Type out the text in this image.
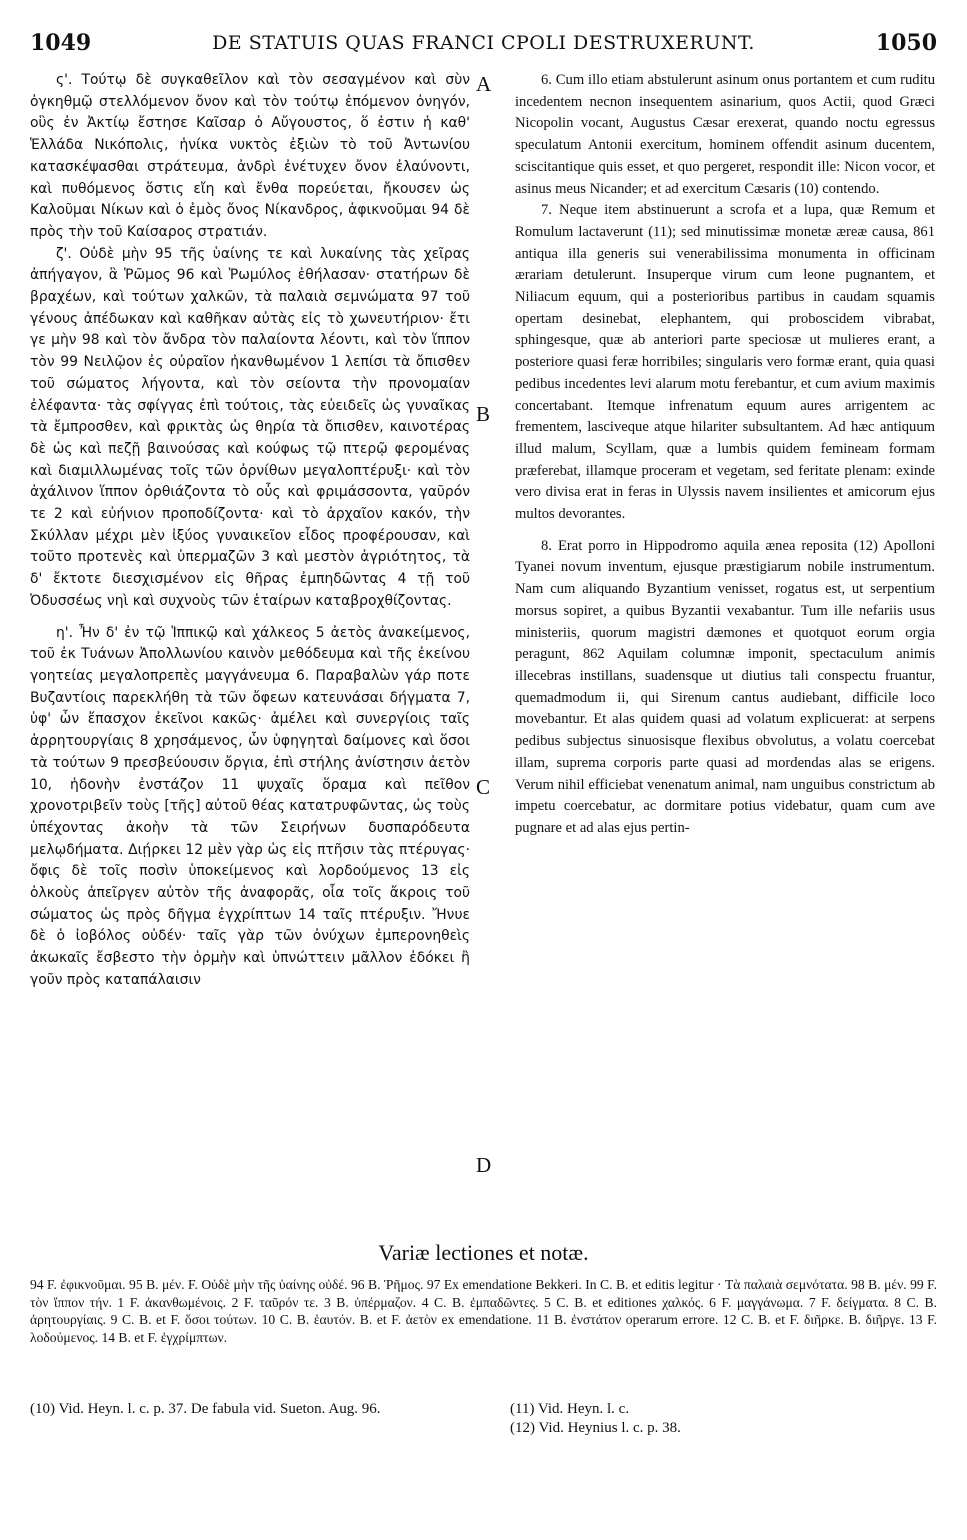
1049	DE STATUIS QUAS FRANCI CPOLI DESTRUXERUNT.	1050

ς'. Τούτῳ δὲ συγκαθεῖλον καὶ τὸν σεσαγμένον καὶ σὺν ὀγκηθμῷ στελλόμενον ὄνον καὶ τὸν τούτῳ ἑπόμενον ὀνηγόν, οὓς ἐν Ἀκτίῳ ἔστησε Καῖσαρ ὁ Αὔγουστος, ὅ ἐστιν ἡ καθ' Ἑλλάδα Νικόπολις, ἡνίκα νυκτὸς ἐξιὼν τὸ τοῦ Ἀντωνίου κατασκέψασθαι στράτευμα, ἀνδρὶ ἐνέτυχεν ὄνον ἐλαύνοντι, καὶ πυθόμενος ὅστις εἴη καὶ ἔνθα πορεύεται, ἤκουσεν ὡς Καλοῦμαι Νίκων καὶ ὁ ἐμὸς ὄνος Νίκανδρος, ἀφικνοῦμαι 94 δὲ πρὸς τὴν τοῦ Καίσαρος στρατιάν.

ζ'. Οὐδὲ μὴν 95 τῆς ὑαίνης τε καὶ λυκαίνης τὰς χεῖρας ἀπήγαγον, ἃ Ῥῶμος 96 καὶ Ῥωμύλος ἐθήλασαν· στατήρων δὲ βραχέων, καὶ τούτων χαλκῶν, τὰ παλαιὰ σεμνώματα 97 τοῦ γένους ἀπέδωκαν καὶ καθῆκαν αὐτὰς εἰς τὸ χωνευτήριον· ἔτι γε μὴν 98 καὶ τὸν ἄνδρα τὸν παλαίοντα λέοντι, καὶ τὸν ἵππον τὸν 99 Νειλῷον ἐς οὐραῖον ἠκανθωμένον 1 λεπίσι τὰ ὄπισθεν τοῦ σώματος λήγοντα, καὶ τὸν σείοντα τὴν προνομαίαν ἐλέφαντα· τὰς σφίγγας ἐπὶ τούτοις, τὰς εὐειδεῖς ὡς γυναῖκας τὰ ἔμπροσθεν, καὶ φρικτὰς ὡς θηρία τὰ ὄπισθεν, καινοτέρας δὲ ὡς καὶ πεζῇ βαινούσας καὶ κούφως τῷ πτερῷ φερομένας καὶ διαμιλλωμένας τοῖς τῶν ὀρνίθων μεγαλοπτέρυξι· καὶ τὸν ἀχάλινον ἵππον ὀρθιάζοντα τὸ οὖς καὶ φριμάσσοντα, γαῦρόν τε 2 καὶ εὐήνιον προποδίζοντα· καὶ τὸ ἀρχαῖον κακόν, τὴν Σκύλλαν μέχρι μὲν ἰξύος γυναικεῖον εἶδος προφέρουσαν, καὶ τοῦτο προτενὲς καὶ ὑπερμαζῶν 3 καὶ μεστὸν ἀγριότητος, τὰ δ' ἔκτοτε διεσχισμένον εἰς θῆρας ἐμπηδῶντας 4 τῇ τοῦ Ὀδυσσέως νηὶ καὶ συχνοὺς τῶν ἑταίρων καταβροχθίζοντας.

η'. Ἦν δ' ἐν τῷ Ἱππικῷ καὶ χάλκεος 5 ἀετὸς ἀνακείμενος, τοῦ ἐκ Τυάνων Ἀπολλωνίου καινὸν μεθόδευμα καὶ τῆς ἐκείνου γοητείας μεγαλοπρεπὲς μαγγάνευμα 6. Παραβαλὼν γάρ ποτε Βυζαντίοις παρεκλήθη τὰ τῶν ὄφεων κατευνάσαι δήγματα 7, ὑφ' ὧν ἔπασχον ἐκεῖνοι κακῶς· ἀμέλει καὶ συνεργίοις ταῖς ἀρρητουργίαις 8 χρησάμενος, ὧν ὑφηγηταὶ δαίμονες καὶ ὅσοι τὰ τούτων 9 πρεσβεύουσιν ὄργια, ἐπὶ στήλης ἀνίστησιν ἀετὸν 10, ἡδονὴν ἐνστάζον 11 ψυχαῖς ὅραμα καὶ πεῖθον χρονοτριβεῖν τοὺς [τῆς] αὐτοῦ θέας κατατρυφῶντας, ὡς τοὺς ὑπέχοντας ἀκοὴν τὰ τῶν Σειρήνων δυσπαρόδευτα μελῳδήματα. Διῄρκει 12 μὲν γὰρ ὡς εἰς πτῆσιν τὰς πτέρυγας· ὄφις δὲ τοῖς ποσὶν ὑποκείμενος καὶ λορδούμενος 13 εἰς ὁλκοὺς ἀπεῖργεν αὐτὸν τῆς ἀναφορᾶς, οἷα τοῖς ἄκροις τοῦ σώματος ὡς πρὸς δῆγμα ἐγχρίπτων 14 ταῖς πτέρυξιν. Ἤνυε δὲ ὁ ἰοβόλος οὐδέν· ταῖς γὰρ τῶν ὀνύχων ἐμπερονηθεὶς ἀκωκαῖς ἔσβεστο τὴν ὁρμὴν καὶ ὑπνώττειν μᾶλλον ἐδόκει ἢ γοῦν πρὸς καταπάλαισιν

A
B
C
D

6. Cum illo etiam abstulerunt asinum onus portantem et cum ruditu incedentem necnon insequentem asinarium, quos Actii, quod Græci Nicopolin vocant, Augustus Cæsar erexerat, quando noctu egressus speculatum Antonii exercitum, hominem offendit asinum ducentem, sciscitantique quis esset, et quo pergeret, respondit ille: Nicon vocor, et asinus meus Nicander; et ad exercitum Cæsaris (10) contendo.

7. Neque item abstinuerunt a scrofa et a lupa, quæ Remum et Romulum lactaverunt (11); sed minutissimæ monetæ æreæ causa, 861 antiqua illa generis sui venerabilissima monumenta in officinam ærariam detulerunt. Insuperque virum cum leone pugnantem, et Niliacum equum, qui a posterioribus partibus in caudam squamis opertam desinebat, elephantem, qui proboscidem vibrabat, sphingesque, quæ ab anteriori parte speciosæ ut mulieres erant, a posteriore quasi feræ horribiles; singularis vero formæ erant, quia quasi pedibus incedentes levi alarum motu ferebantur, et cum avium maximis concertabant. Itemque infrenatum equum aures arrigentem ac frementem, lasciveque atque hilariter subsultantem. Ad hæc antiquum illud malum, Scyllam, quæ a lumbis quidem femineam formam præferebat, illamque proceram et vegetam, sed feritate plenam: exinde vero divisa erat in feras in Ulyssis navem insilientes et amicorum ejus multos devorantes.

8. Erat porro in Hippodromo aquila ænea reposita (12) Apolloni Tyanei novum inventum, ejusque præstigiarum nobile instrumentum. Nam cum aliquando Byzantium venisset, rogatus est, ut serpentium morsus sopiret, a quibus Byzantii vexabantur. Tum ille nefariis usus ministeriis, quorum magistri dæmones et quotquot eorum orgia peragunt, 862 Aquilam columnæ imponit, spectaculum animis illecebras instillans, suadensque ut diutius tali conspectu fruantur, quemadmodum ii, qui Sirenum cantus audiebant, difficile loco movebantur. Et alas quidem quasi ad volatum explicuerat: at serpens pedibus subjectus sinuosisque flexibus obvolutus, a volatu coercebat illam, suprema corporis parte quasi ad mordendas alas se erigens. Verum nihil efficiebat venenatum animal, nam unguibus constrictum ab impetu coercebatur, ac dormitare potius videbatur, quam cum ave pugnare et ad alas ejus pertin-

Variæ lectiones et notæ.
94 F. ἐφικνοῦμαι. 95 B. μέν. F. Οὐδὲ μὴν τῆς ὑαίνης οὐδέ. 96 B. Ῥῆμος. 97 Ex emendatione Bekkeri. In C. B. et editis legitur · Τὰ παλαιὰ σεμνότατα. 98 B. μέν. 99 F. τὸν ἵππον τήν. 1 F. ἀκανθωμένοις. 2 F. ταῦρόν τε. 3 B. ὑπέρμαζον. 4 C. B. ἐμπαδῶντες. 5 C. B. et editiones χαλκός. 6 F. μαγγάνωμα. 7 F. δείγματα. 8 C. B. ἀρητουργίαις. 9 C. B. et F. ὅσοι τούτων. 10 C. B. ἑαυτόν. B. et F. ἀετὸν ex emendatione. 11 B. ἐνστάτον operarum errore. 12 C. B. et F. διῆρκε. B. διῆργε. 13 F. λοδούμενος. 14 B. et F. ἐγχρίμπτων.
(10) Vid. Heyn. l. c. p. 37. De fabula vid. Sueton. Aug. 96.	(11) Vid. Heyn. l. c.
(12) Vid. Heynius l. c. p. 38.
